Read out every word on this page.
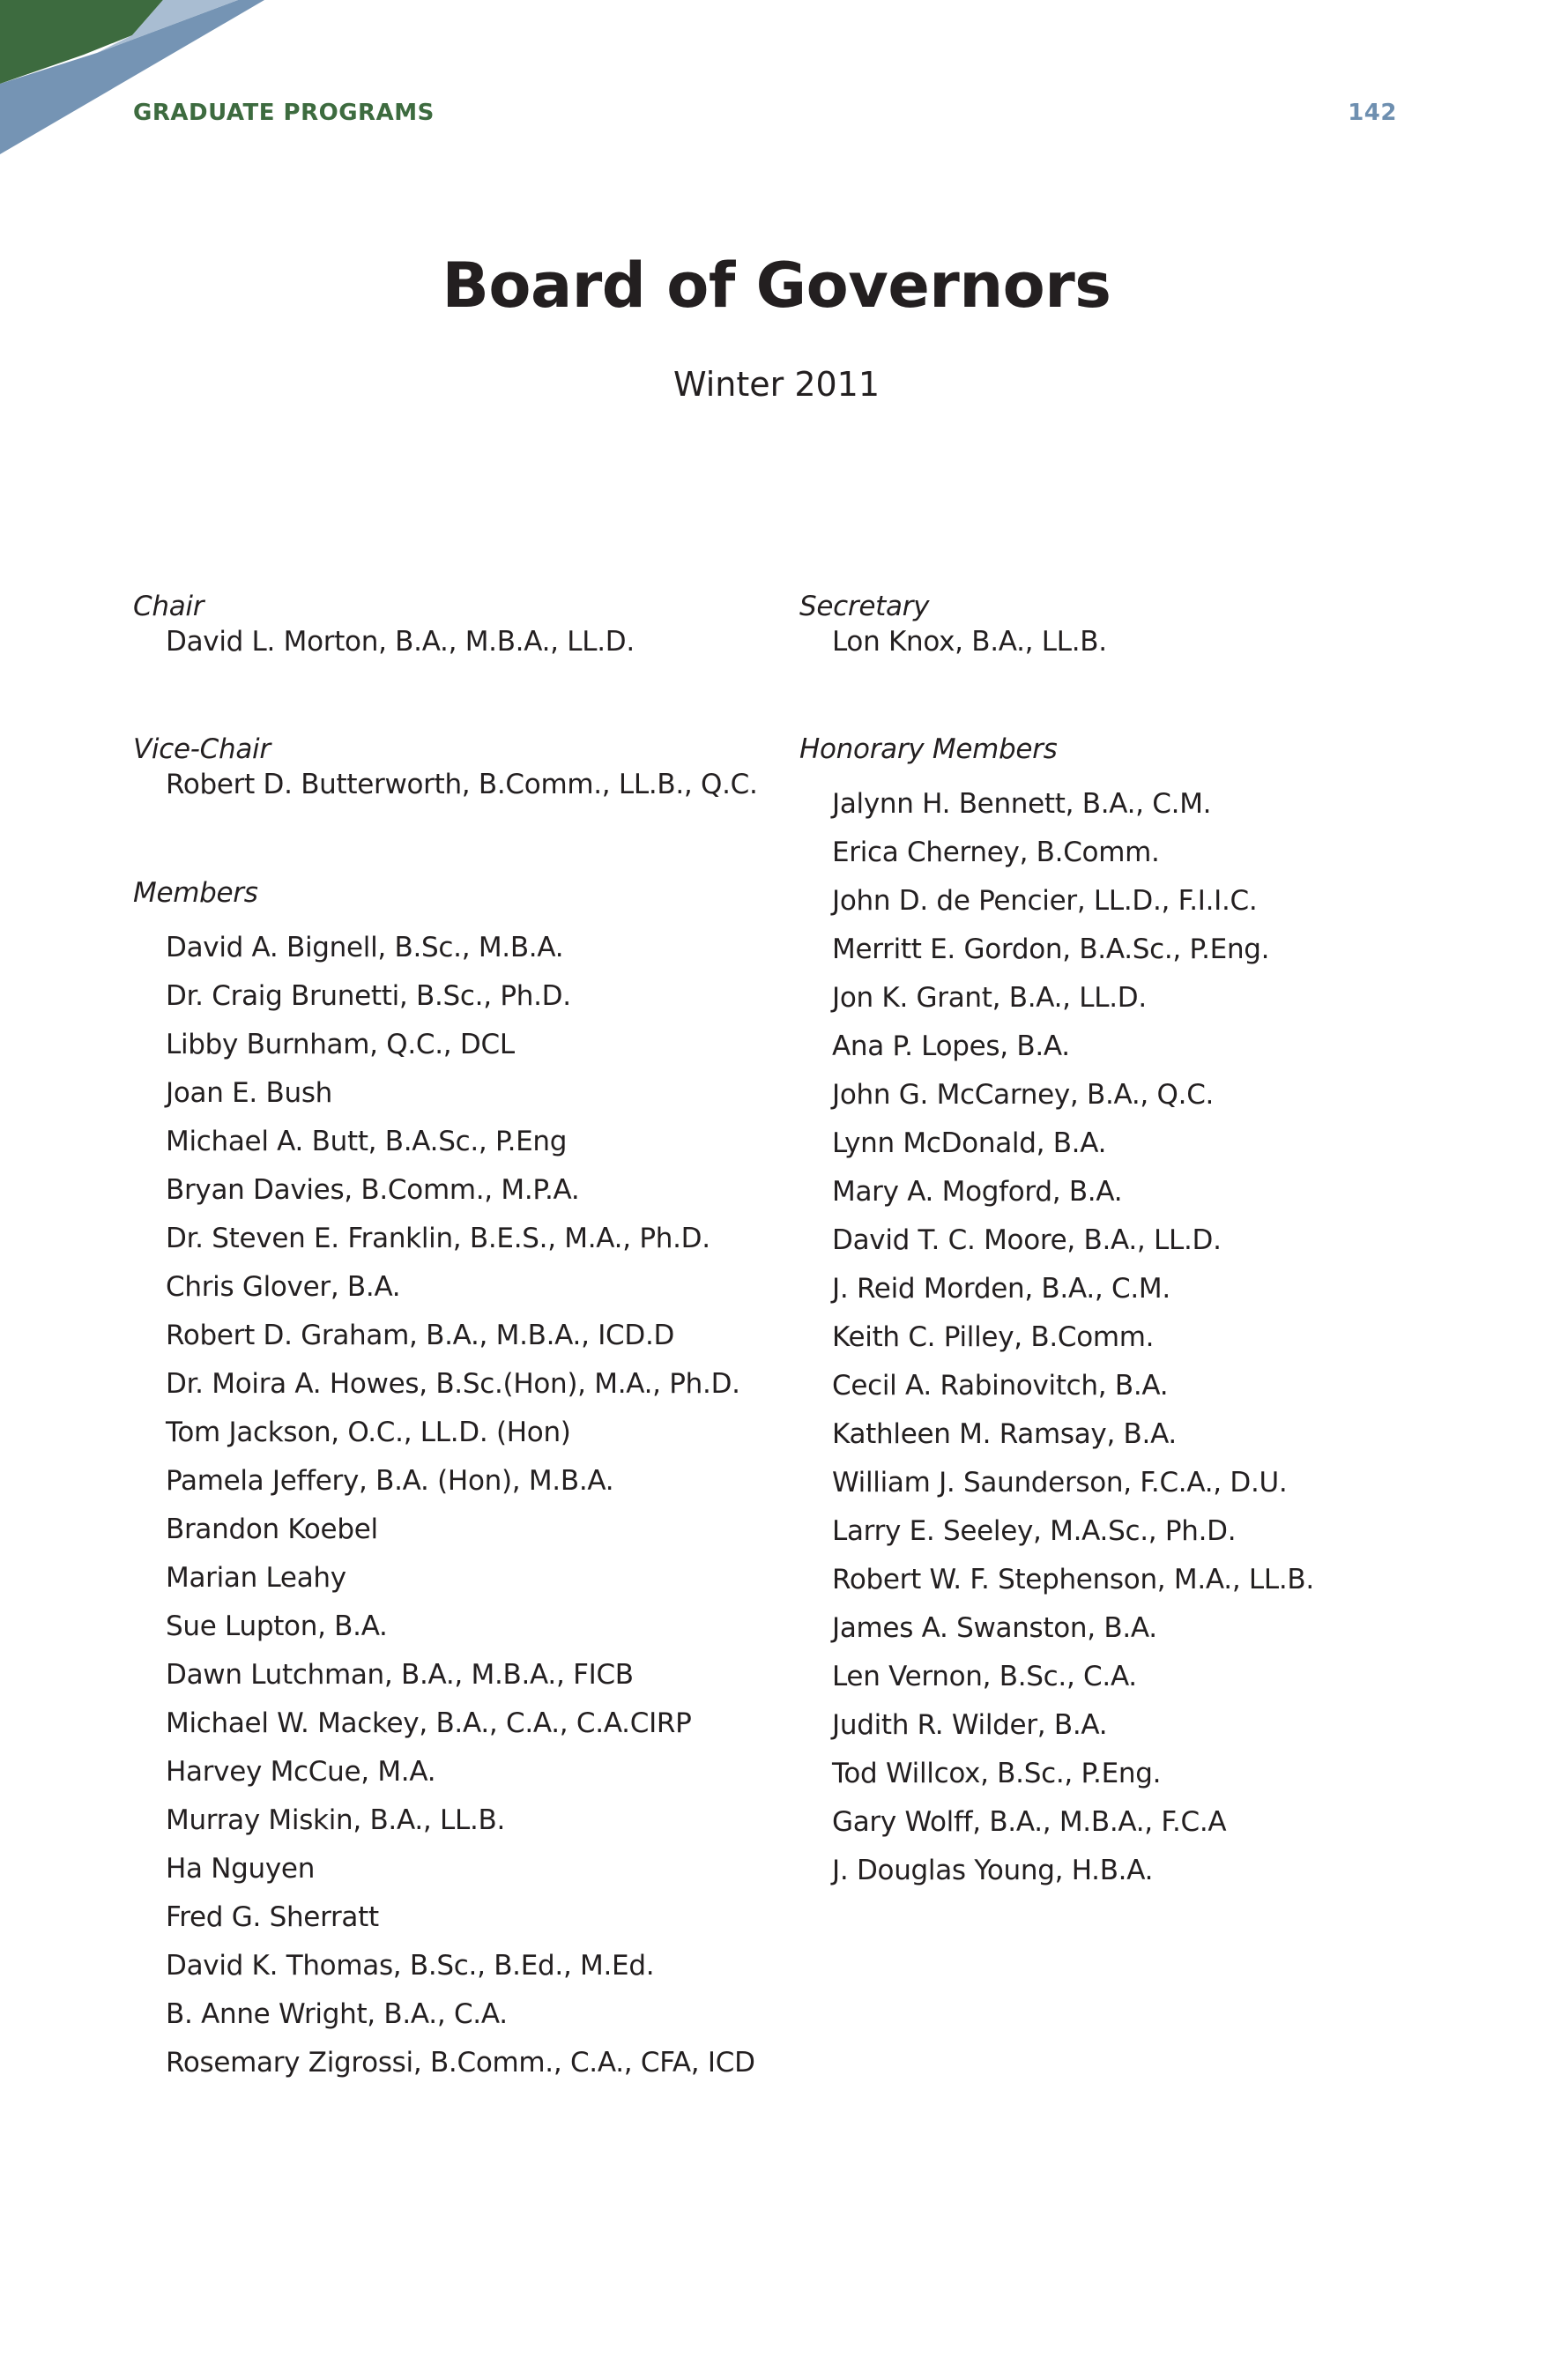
GRADUATE PROGRAMS	142
Board of Governors
Winter 2011
Chair
David L. Morton, B.A., M.B.A., LL.D.
Vice-Chair
Robert D. Butterworth, B.Comm., LL.B., Q.C.
Members
David A. Bignell, B.Sc., M.B.A.
Dr. Craig Brunetti, B.Sc., Ph.D.
Libby Burnham, Q.C., DCL
Joan E. Bush
Michael A. Butt, B.A.Sc., P.Eng
Bryan Davies, B.Comm., M.P.A.
Dr. Steven E. Franklin, B.E.S., M.A., Ph.D.
Chris Glover, B.A.
Robert D. Graham, B.A., M.B.A., ICD.D
Dr. Moira A. Howes, B.Sc.(Hon), M.A., Ph.D.
Tom Jackson, O.C., LL.D. (Hon)
Pamela Jeffery, B.A. (Hon), M.B.A.
Brandon Koebel
Marian Leahy
Sue Lupton, B.A.
Dawn Lutchman, B.A., M.B.A., FICB
Michael W. Mackey, B.A., C.A., C.A.CIRP
Harvey McCue, M.A.
Murray Miskin, B.A., LL.B.
Ha Nguyen
Fred G. Sherratt
David K. Thomas, B.Sc., B.Ed., M.Ed.
B. Anne Wright, B.A., C.A.
Rosemary Zigrossi, B.Comm., C.A., CFA, ICD
Secretary
Lon Knox, B.A., LL.B.
Honorary Members
Jalynn H. Bennett, B.A., C.M.
Erica Cherney, B.Comm.
John D. de Pencier, LL.D., F.I.I.C.
Merritt E. Gordon, B.A.Sc., P.Eng.
Jon K. Grant, B.A., LL.D.
Ana P. Lopes, B.A.
John G. McCarney, B.A., Q.C.
Lynn McDonald, B.A.
Mary A. Mogford, B.A.
David T. C. Moore, B.A., LL.D.
J. Reid Morden, B.A., C.M.
Keith C. Pilley, B.Comm.
Cecil A. Rabinovitch, B.A.
Kathleen M. Ramsay, B.A.
William J. Saunderson, F.C.A., D.U.
Larry E. Seeley, M.A.Sc., Ph.D.
Robert W. F. Stephenson, M.A., LL.B.
James A. Swanston, B.A.
Len Vernon, B.Sc., C.A.
Judith R. Wilder, B.A.
Tod Willcox, B.Sc., P.Eng.
Gary Wolff, B.A., M.B.A., F.C.A
J. Douglas Young, H.B.A.
